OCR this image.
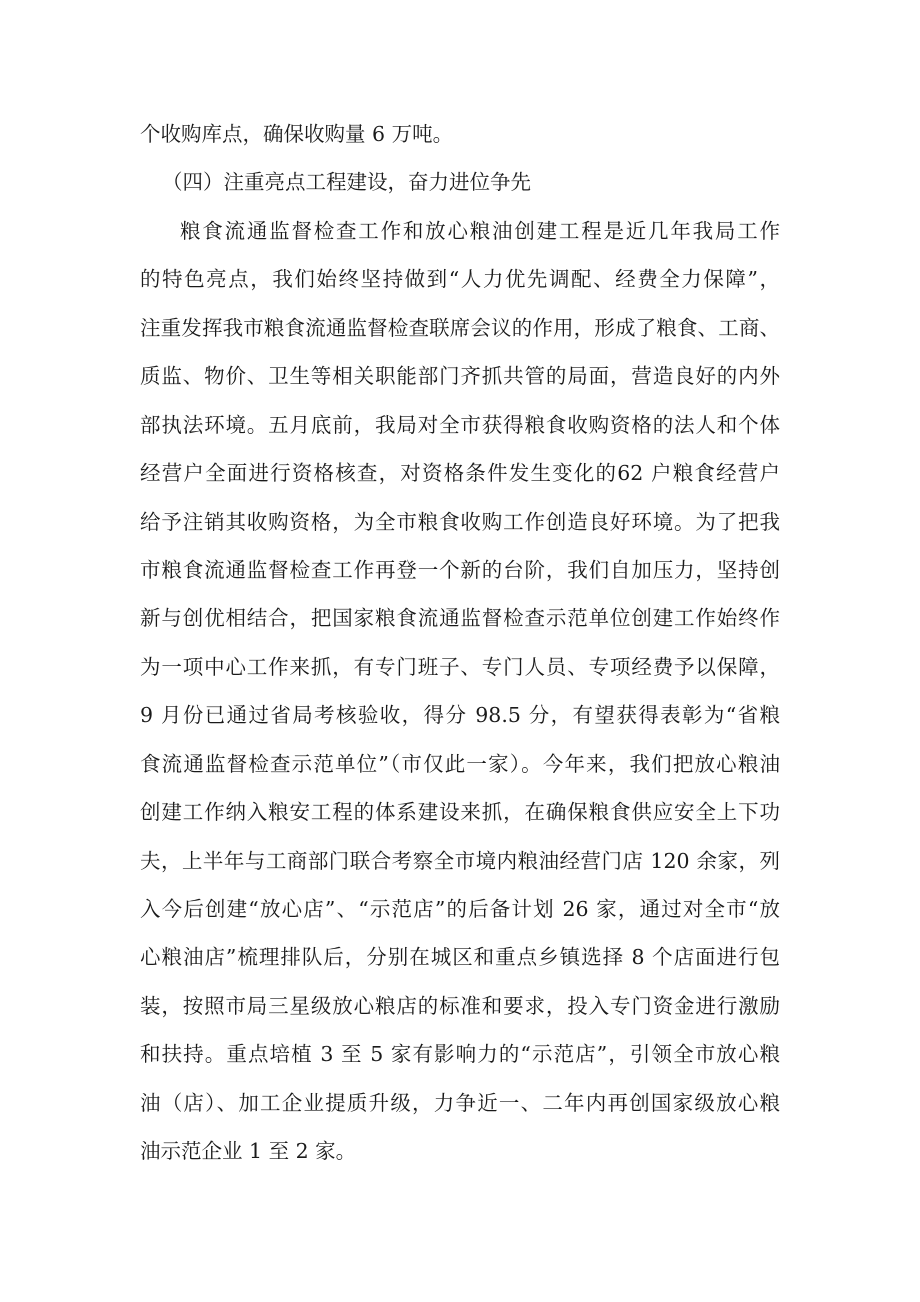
个收购库点，确保收购量 6 万吨。
（四）注重亮点工程建设，奋力进位争先
粮食流通监督检查工作和放心粮油创建工程是近几年我局工作
的特色亮点，我们始终坚持做到“人力优先调配、经费全力保障”，
注重发挥我市粮食流通监督检查联席会议的作用，形成了粮食、工商、
质监、物价、卫生等相关职能部门齐抓共管的局面，营造良好的内外
部执法环境。五月底前，我局对全市获得粮食收购资格的法人和个体
经营户全面进行资格核查，对资格条件发生变化的62 户粮食经营户
给予注销其收购资格，为全市粮食收购工作创造良好环境。为了把我
市粮食流通监督检查工作再登一个新的台阶，我们自加压力，坚持创
新与创优相结合，把国家粮食流通监督检查示范单位创建工作始终作
为一项中心工作来抓，有专门班子、专门人员、专项经费予以保障，
9 月份已通过省局考核验收，得分 98.5 分，有望获得表彰为“省粮
食流通监督检查示范单位”（市仅此一家）。今年来，我们把放心粮油
创建工作纳入粮安工程的体系建设来抓，在确保粮食供应安全上下功
夫，上半年与工商部门联合考察全市境内粮油经营门店 120 余家，列
入今后创建“放心店”、“示范店”的后备计划 26 家，通过对全市“放
心粮油店”梳理排队后，分别在城区和重点乡镇选择 8 个店面进行包
装，按照市局三星级放心粮店的标准和要求，投入专门资金进行激励
和扶持。重点培植 3 至 5 家有影响力的“示范店”，引领全市放心粮
油（店）、加工企业提质升级，力争近一、二年内再创国家级放心粮
油示范企业 1 至 2 家。
